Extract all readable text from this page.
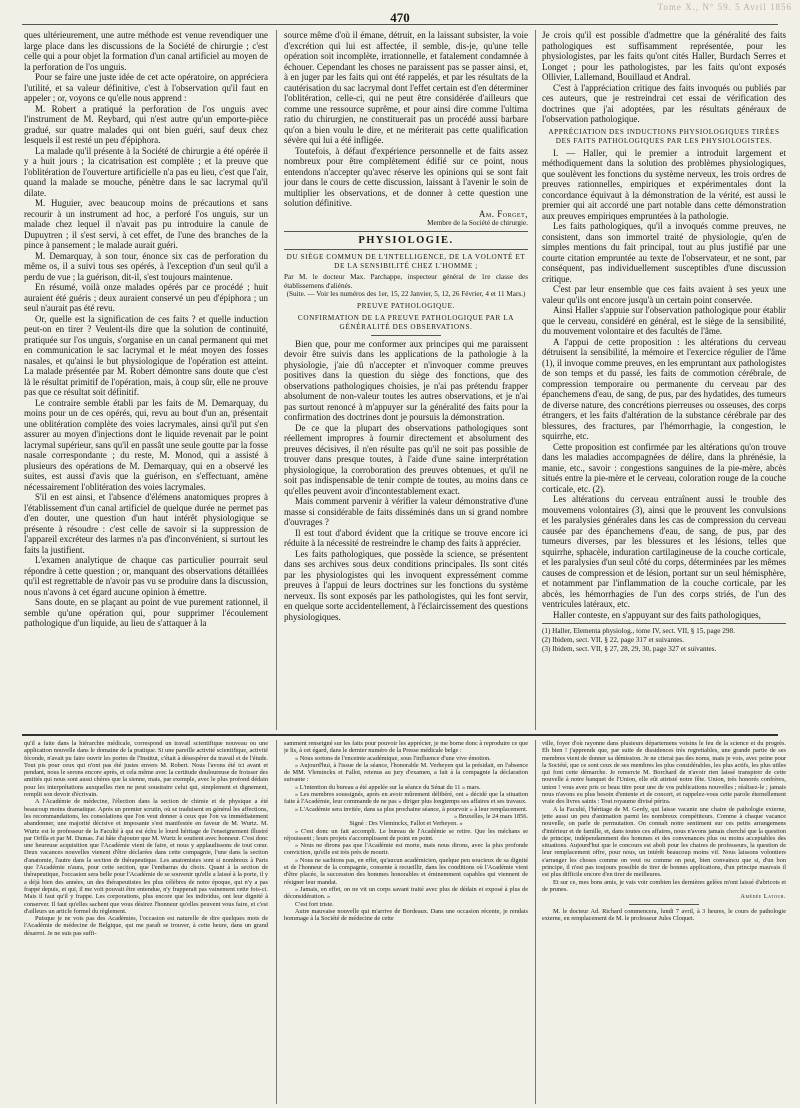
Tome X., N° 59. 5 Avril 1856
470

ques ultérieurement, une autre méthode est venue revendiquer une large place dans les discussions de la Société de chirurgie ; c'est celle qui a pour objet la formation d'un canal artificiel au moyen de la perforation de l'os unguis.

Pour se faire une juste idée de cet acte opératoire, on appréciera l'utilité, et sa valeur définitive, c'est à l'observation qu'il faut en appeler ; or, voyons ce qu'elle nous apprend :

M. Robert a pratiqué la perforation de l'os unguis avec l'instrument de M. Reybard, qui n'est autre qu'un emporte-pièce gradué, sur quatre malades qui ont bien guéri, sauf deux chez lesquels il est resté un peu d'épiphora.

La malade qu'il présente à la Société de chirurgie a été opérée il y a huit jours ; la cicatrisation est complète ; et la preuve que l'oblitération de l'ouverture artificielle n'a pas eu lieu, c'est que l'air, quand la malade se mouche, pénètre dans le sac lacrymal qu'il dilate.

M. Huguier, avec beaucoup moins de précautions et sans recourir à un instrument ad hoc, a perforé l'os unguis, sur un malade chez lequel il n'avait pas pu introduire la canule de Dupuytren ; il s'est servi, à cet effet, de l'une des branches de la pince à pansement ; le malade aurait guéri.

M. Demarquay, à son tour, énonce six cas de perforation du même os, il a suivi tous ses opérés, à l'exception d'un seul qu'il a perdu de vue ; la guérison, dit-il, s'est toujours maintenue.

En résumé, voilà onze malades opérés par ce procédé ; huit auraient été guéris ; deux auraient conservé un peu d'épiphora ; un seul n'aurait pas été revu.

Or, quelle est la signification de ces faits ? et quelle induction peut-on en tirer ? Veulent-ils dire que la solution de continuité, pratiquée sur l'os unguis, s'organise en un canal permanent qui met en communication le sac lacrymal et le méat moyen des fosses nasales, et qu'ainsi le but physiologique de l'opération est atteint. La malade présentée par M. Robert démontre sans doute que c'est là le résultat primitif de l'opération, mais, à coup sûr, elle ne prouve pas que ce résultat soit définitif.

Le contraire semble établi par les faits de M. Demarquay, du moins pour un de ces opérés, qui, revu au bout d'un an, présentait une oblitération complète des voies lacrymales, ainsi qu'il put s'en assurer au moyen d'injections dont le liquide revenait par le point lacrymal supérieur, sans qu'il en passât une seule goutte par la fosse nasale correspondante ; du reste, M. Monod, qui a assisté à plusieurs des opérations de M. Demarquay, qui en a observé les suites, est aussi d'avis que la guérison, en s'effectuant, amène nécessairement l'oblitération des voies lacrymales.

S'il en est ainsi, et l'absence d'élémens anatomiques propres à l'établissement d'un canal artificiel de quelque durée ne permet pas d'en douter, une question d'un haut intérêt physiologique se présente à résoudre : c'est celle de savoir si la suppression de l'appareil excréteur des larmes n'a pas d'inconvénient, si surtout les faits la justifient.

L'examen analytique de chaque cas particulier pourrait seul répondre à cette question ; or, manquant des observations détaillées qu'il est regrettable de n'avoir pas vu se produire dans la discussion, nous n'avons à cet égard aucune opinion à émettre.

Sans doute, en se plaçant au point de vue purement rationnel, il semble qu'une opération qui, pour supprimer l'écoulement pathologique d'un liquide, au lieu de s'attaquer à la

source même d'où il émane, détruit, en la laissant subsister, la voie d'excrétion qui lui est affectée, il semble, dis-je, qu'une telle opération soit incomplète, irrationnelle, et fatalement condamnée à échouer. Cependant les choses ne paraissent pas se passer ainsi, et, à en juger par les faits qui ont été rappelés, et par les résultats de la cautérisation du sac lacrymal dont l'effet certain est d'en déterminer l'oblitération, celle-ci, qui ne peut être considérée d'ailleurs que comme une ressource suprême, et pour ainsi dire comme l'ultima ratio du chirurgien, ne constituerait pas un procédé aussi barbare qu'on a bien voulu le dire, et ne mériterait pas cette qualification sévère qui lui a été infligée.

Toutefois, à défaut d'expérience personnelle et de faits assez nombreux pour être complètement édifié sur ce point, nous entendons n'accepter qu'avec réserve les opinions qui se sont fait jour dans le cours de cette discussion, laissant à l'avenir le soin de multiplier les observations, et de donner à cette question une solution définitive.

Am. Forget,

Membre de la Société de chirurgie.

PHYSIOLOGIE.

DU SIÈGE COMMUN DE L'INTELLIGENCE, DE LA VOLONTÉ ET DE LA SENSIBILITÉ CHEZ L'HOMME ;

Par M. le docteur Max. Parchappe, inspecteur général de 1re classe des établissemens d'aliénés.

(Suite. — Voir les numéros des 1er, 15, 22 Janvier, 5, 12, 26 Février, 4 et 11 Mars.)

PREUVE PATHOLOGIQUE.

CONFIRMATION DE LA PREUVE PATHOLOGIQUE PAR LA GÉNÉRALITÉ DES OBSERVATIONS.

Bien que, pour me conformer aux principes qui me paraissent devoir être suivis dans les applications de la pathologie à la physiologie, j'aie dû n'accepter et n'invoquer comme preuves positives dans la question du siège des fonctions, que des observations pathologiques choisies, je n'ai pas prétendu frapper absolument de non-valeur toutes les autres observations, et je n'ai pas surtout renoncé à m'appuyer sur la généralité des faits pour la confirmation des doctrines dont je poursuis la démonstration.

De ce que la plupart des observations pathologiques sont réellement impropres à fournir directement et absolument des preuves décisives, il n'en résulte pas qu'il ne soit pas possible de trouver dans presque toutes, à l'aide d'une saine interprétation physiologique, la corroboration des preuves obtenues, et qu'il ne soit pas indispensable de tenir compte de toutes, au moins dans ce qu'elles peuvent avoir d'incontestablement exact.

Mais comment parvenir à vérifier la valeur démonstrative d'une masse si considérable de faits disséminés dans un si grand nombre d'ouvrages ?

Il est tout d'abord évident que la critique se trouve encore ici réduite à la nécessité de restreindre le champ des faits à apprécier.

Les faits pathologiques, que possède la science, se présentent dans ses archives sous deux conditions principales. Ils sont cités par les physiologistes qui les invoquent expressément comme preuves à l'appui de leurs doctrines sur les fonctions du système nerveux. Ils sont exposés par les pathologistes, qui les font servir, en quelque sorte accidentellement, à l'éclaircissement des questions physiologiques.

Je crois qu'il est possible d'admettre que la généralité des faits pathologiques est suffisamment représentée, pour les physiologistes, par les faits qu'ont cités Haller, Burdach Serres et Longet ; pour les pathologistes, par les faits qu'ont exposés Ollivier, Lallemand, Bouillaud et Andral.

C'est à l'appréciation critique des faits invoqués ou publiés par ces auteurs, que je restreindrai cet essai de vérification des doctrines que j'ai adoptées, par les résultats généraux de l'observation pathologique.

APPRÉCIATION DES INDUCTIONS PHYSIOLOGIQUES TIRÉES DES FAITS PATHOLOGIQUES PAR LES PHYSIOLOGISTES.

I. — Haller, qui le premier a introduit largement et méthodiquement dans la solution des problèmes physiologiques, que soulèvent les fonctions du système nerveux, les trois ordres de preuves rationnelles, empiriques et expérimentales dont la concordance équivaut à la démonstration de la vérité, est aussi le premier qui ait accordé une part notable dans cette démonstration aux preuves empiriques empruntées à la pathologie.

Les faits pathologiques, qu'il a invoqués comme preuves, ne consistent, dans son immortel traité de physiologie, qu'en de simples mentions du fait principal, tout au plus justifié par une courte citation empruntée au texte de l'observateur, et ne sont, par conséquent, pas individuellement susceptibles d'une discussion critique.

C'est par leur ensemble que ces faits avaient à ses yeux une valeur qu'ils ont encore jusqu'à un certain point conservée.

Ainsi Haller s'appuie sur l'observation pathologique pour établir que le cerveau, considéré en général, est le siège de la sensibilité, du mouvement volontaire et des facultés de l'âme.

A l'appui de cette proposition : les altérations du cerveau détruisent la sensibilité, la mémoire et l'exercice régulier de l'âme (1), il invoque comme preuves, en les empruntant aux pathologistes de son temps et du passé, les faits de commotion cérébrale, de compression temporaire ou permanente du cerveau par des épanchemens d'eau, de sang, de pus, par des hydatides, des tumeurs de diverse nature, des concrétions pierreuses ou osseuses, des corps étrangers, et les faits d'altération de la substance cérébrale par des blessures, des fractures, par l'hémorrhagie, la congestion, le squirrhe, etc.

Cette proposition est confirmée par les altérations qu'on trouve dans les maladies accompagnées de délire, dans la phrénésie, la manie, etc., savoir : congestions sanguines de la pie-mère, abcès situés entre la pie-mère et le cerveau, coloration rouge de la couche corticale, etc. (2).

Les altérations du cerveau entraînent aussi le trouble des mouvemens volontaires (3), ainsi que le prouvent les convulsions et les paralysies générales dans les cas de compression du cerveau causée par des épanchemens d'eau, de sang, de pus, par des tumeurs diverses, par les blessures et les lésions, telles que squirrhe, sphacèle, induration cartilagineuse de la couche corticale, et les paralysies d'un seul côté du corps, déterminées par les mêmes causes de compression et de lésion, portant sur un seul hémisphère, et notamment par l'inflammation de la couche corticale, par les abcès, les hémorrhagies de l'un des corps striés, de l'un des ventricules latéraux, etc.

Haller conteste, en s'appuyant sur des faits pathologiques,

(1) Haller, Elementa physiolog., tome IV, sect. VII, § 15, page 298.

(2) Ibidem, sect. VII, § 22, page 317 et suivantes.

(3) Ibidem, sect. VII, § 27, 28, 29, 30, page 327 et suivantes.

qu'il a faite dans la hiérarchie médicale, correspond un travail scientifique nouveau ou une application nouvelle dans le domaine de la pratique. Si une pareille activité scientifique, activité féconde, n'avait pu faire ouvrir les portes de l'Institut, c'était à désespérer du travail et de l'étude. Tout pis pour ceux qui n'ont pas été justes envers M. Robert. Nous l'avons été ici avant et pendant, nous le serons encore après, et cela même avec la certitude douloureuse de froisser des amitiés qui nous sont aussi chères que la sienne, mais, par exemple, avec le plus profond dédain pour les interprétations auxquelles rien ne peut soustraire celui qui, simplement et dignement, remplit son devoir d'écrivain.

A l'Académie de médecine, l'élection dans la section de chimie et de physique a été beaucoup moins dramatique. Après un premier scrutin, où se traduisent en général les affections, les recommandations, les consolations que l'on veut donner à ceux que l'on va immédiatement abandonner, une majorité décisive et imposante s'est manifestée en faveur de M. Wurtz. M. Wurtz est le professeur de la Faculté à qui est échu le lourd héritage de l'enseignement illustré par Orfila et par M. Dumas. J'ai hâte d'ajouter que M. Wurtz le soutient avec honneur. C'est donc une heureuse acquisition que l'Académie vient de faire, et nous y applaudissons de tout cœur. Deux vacances nouvelles vienent d'être déclarées dans cette compagnie, l'une dans la section d'anatomie, l'autre dans la section de thérapeutique. Les anatomistes sont si nombreux à Paris que l'Académie n'aura, pour cette section, que l'embarras du choix. Quant à la section de thérapeutique, l'occasion sera belle pour l'Académie de se souvenir qu'elle a laissé à la porte, il y a déjà bien des années, un des thérapeutistes les plus célèbres de notre époque, qui n'y a pas frappé depuis, et qui, il me voit pouvait être entendue, n'y frapperait pas vainement cette fois-ci. Mais il faut qu'il y frappe. Les corporations, plus encore que les individus, ont leur dignité à conserver. Il faut qu'elles sachent que vous désirez l'honneur qu'elles peuvent vous faire, et c'est d'ailleurs un article formel du règlement.

Puisque je ne vois pas des Académies, l'occasion est naturelle de dire quelques mots de l'Académie de médecine de Belgique, qui me paraît se trouver, à cette heure, dans un grand désarroi. Je ne suis pas suffi-

samment renseigné sur les faits pour pouvoir les apprécier, je me borne donc à reproduire ce que je lis, à cet égard, dans le dernier numéro de la Presse médicale belge :

« Nous sortons de l'enceinte académique, sous l'influence d'une vive émotion.

» Aujourd'hui, à l'issue de la séance, l'honorable M. Verheyen qui la présidait, en l'absence de MM. Vleminckx et Fallot, retenus au jury d'examen, a fait à la compagnie la déclaration suivante :

« L'intention du bureau a été appelée sur la séance du Sénat du 11 » mars.

» Les membres soussignés, après en avoir mûrement délibéré, ont » décidé que la situation faite à l'Académie, leur commande de ne pas » diriger plus longtemps ses affaires et ses travaux.

» L'Académie sera invitée, dans sa plus prochaine séance, à pourvoir » à leur remplacement.

» Bruxelles, le 24 mars 1856.

Signé : Drs Vleminckx, Fallot et Verheyen. »

» C'est donc un fait accompli. Le bureau de l'Académie se retire. Que les méchans se réjouissent ; leurs projets s'accomplissent de point en point.

» Nous ne dirons pas que l'Académie est morte, mais nous dirons, avec la plus profonde conviction, qu'elle est très près de mourir.

» Nous ne sachions pas, en effet, qu'aucun académicien, quelque peu soucieux de sa dignité et de l'honneur de la compagnie, consente à recueillir, dans les conditions où l'Académie vient d'être placée, la succession des hommes honorables et éminemment capables qui viennent de résigner leur mandat.

» Jamais, en effet, on ne vit un corps savant traité avec plus de dédain et exposé à plus de déconsidération. »

C'est fort triste.

Autre mauvaise nouvelle qui m'arrive de Bordeaux. Dans une occasion récente, je rendais hommage à la Société de médecine de cette

ville, foyer d'où rayonne dans plusieurs départemens voisins le feu de la science et du progrès. Eh bien ! j'apprends que, par suite de dissidences très regrettables, une grande partie de ses membres vient de donner sa démission. Je ne citerai pas des noms, mais je vois, avec peine pour la Société, que ce sont ceux de ses membres les plus considérables, les plus actifs, les plus utiles qui font cette démarche. Je remercie M. Borchard de n'avoir rien laissé transpirer de cette nouvelle à notre banquet de l'Union, elle eût attristé notre fête. Union, très honorés confrères, union ! vous avez pris ce beau titre pour une de vos publications nouvelles ; réalisez-le ; jamais nous n'avons eu plus besoin d'entente et de concert, et rappelez-vous cette parole éternellement vraie des livres saints : Tout royaume divisé périra.

A la Faculté, l'héritage de M. Gerdy, qui laisse vacante une chaire de pathologie externe, jette aussi un peu d'animation parmi les nombreux compétiteurs. Comme à chaque vacance nouvelle, on parle de permutation. On connaît notre sentiment sur ces petits arrangemens d'intérieur et de famille, et, dans toutes ces affaires, nous n'avons jamais cherché que la question de principe, indépendamment des hommes et des convenances plus ou moins acceptables des situations. Aujourd'hui que le concours est aboli pour les chaires de professeurs, la question de leur remplacement offre, pour nous, un intérêt beaucoup moins vif. Nous laissons volontiers s'arranger les choses comme on veut ou comme on peut, bien convaincu que si, d'un bon principe, il n'est pas toujours possible de tirer de bonnes applications, d'un principe mauvais il est plus difficile encore d'en tirer de meilleures.

Et sur ce, mes bons amis, je vais voir combien les dernières gelées m'ont laissé d'abricots et de prunes.

Amédée Latour.

M. le docteur Ad. Richard commencera, lundi 7 avril, à 3 heures, le cours de pathologie externe, en remplacement de M. le professeur Jules Cloquet.
